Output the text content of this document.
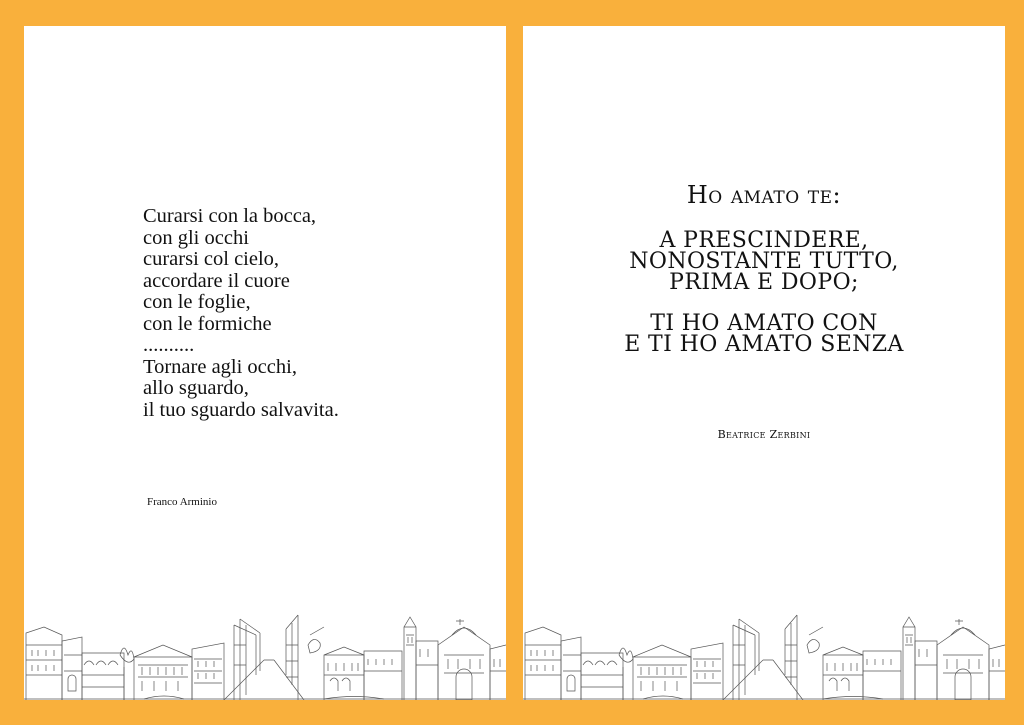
Curarsi con la bocca,
con gli occhi
curarsi col cielo,
accordare il cuore
con le foglie,
con le formiche
..........
Tornare agli occhi,
allo sguardo,
il tuo sguardo salvavita.
Franco Arminio
Ho amato te:
A PRESCINDERE,
NONOSTANTE TUTTO,
PRIMA E DOPO;
TI HO AMATO CON
E TI HO AMATO SENZA
Beatrice Zerbini
